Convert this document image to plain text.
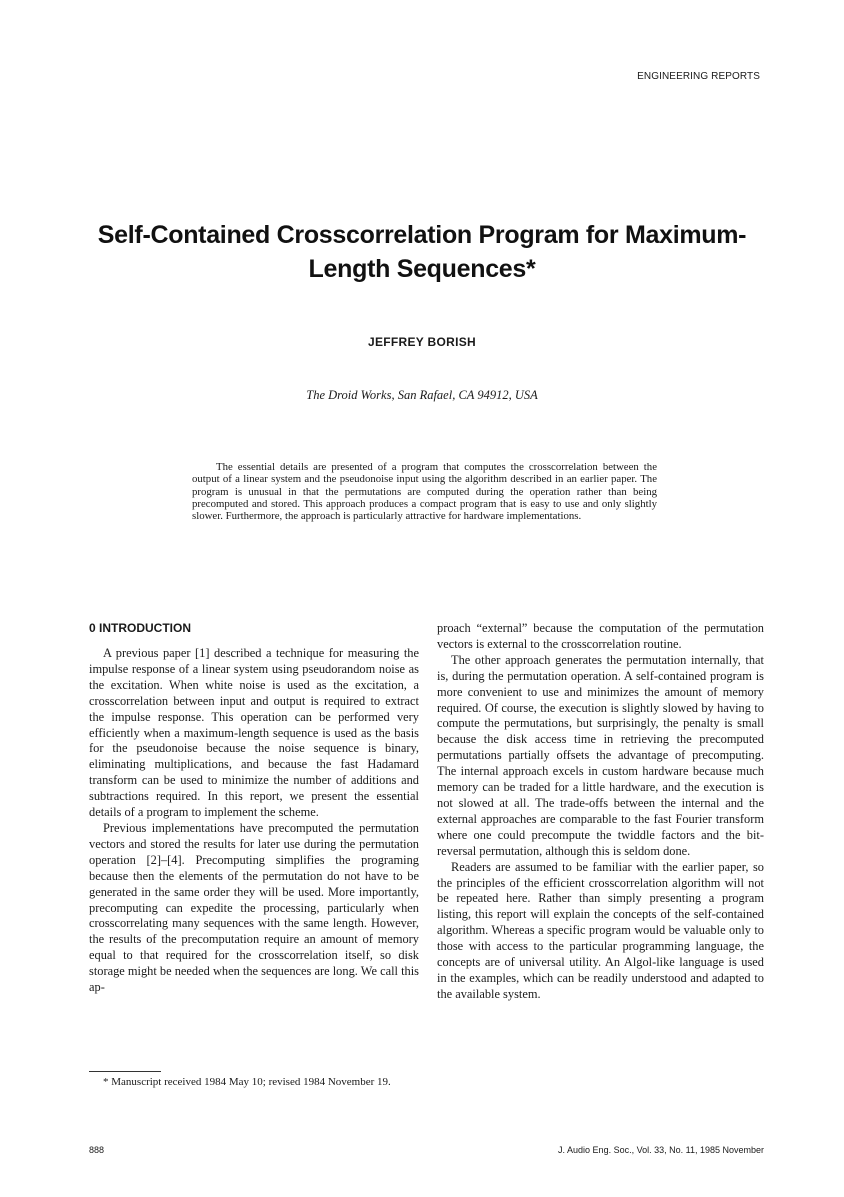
ENGINEERING REPORTS
Self-Contained Crosscorrelation Program for Maximum-Length Sequences*
JEFFREY BORISH
The Droid Works, San Rafael, CA 94912, USA
The essential details are presented of a program that computes the crosscorrelation between the output of a linear system and the pseudonoise input using the algorithm described in an earlier paper. The program is unusual in that the permutations are computed during the operation rather than being precomputed and stored. This approach produces a compact program that is easy to use and only slightly slower. Furthermore, the approach is particularly attractive for hardware implementations.
0 INTRODUCTION

A previous paper [1] described a technique for measuring the impulse response of a linear system using pseudorandom noise as the excitation. When white noise is used as the excitation, a crosscorrelation between input and output is required to extract the impulse response. This operation can be performed very efficiently when a maximum-length sequence is used as the basis for the pseudonoise because the noise sequence is binary, eliminating multiplications, and because the fast Hadamard transform can be used to minimize the number of additions and subtractions required. In this report, we present the essential details of a program to implement the scheme.

Previous implementations have precomputed the permutation vectors and stored the results for later use during the permutation operation [2]–[4]. Precomputing simplifies the programing because then the elements of the permutation do not have to be generated in the same order they will be used. More importantly, precomputing can expedite the processing, particularly when crosscorrelating many sequences with the same length. However, the results of the precomputation require an amount of memory equal to that required for the crosscorrelation itself, so disk storage might be needed when the sequences are long. We call this ap-

proach “external” because the computation of the permutation vectors is external to the crosscorrelation routine.

The other approach generates the permutation internally, that is, during the permutation operation. A self-contained program is more convenient to use and minimizes the amount of memory required. Of course, the execution is slightly slowed by having to compute the permutations, but surprisingly, the penalty is small because the disk access time in retrieving the precomputed permutations partially offsets the advantage of precomputing. The internal approach excels in custom hardware because much memory can be traded for a little hardware, and the execution is not slowed at all. The trade-offs between the internal and the external approaches are comparable to the fast Fourier transform where one could precompute the twiddle factors and the bit-reversal permutation, although this is seldom done.

Readers are assumed to be familiar with the earlier paper, so the principles of the efficient crosscorrelation algorithm will not be repeated here. Rather than simply presenting a program listing, this report will explain the concepts of the self-contained algorithm. Whereas a specific program would be valuable only to those with access to the particular programming language, the concepts are of universal utility. An Algol-like language is used in the examples, which can be readily understood and adapted to the available system.

* Manuscript received 1984 May 10; revised 1984 November 19.
888	J. Audio Eng. Soc., Vol. 33, No. 11, 1985 November
